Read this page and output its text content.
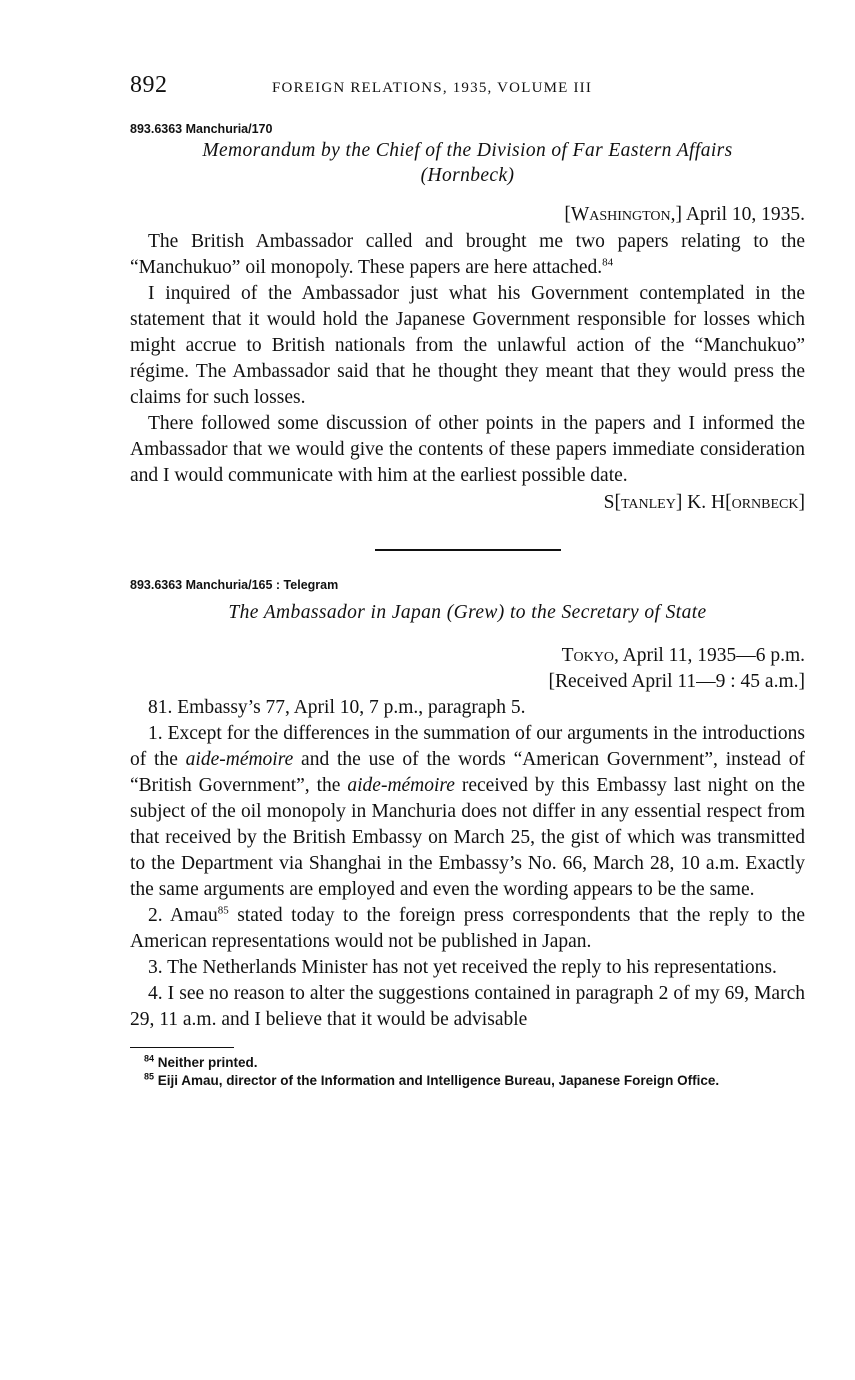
892	FOREIGN RELATIONS, 1935, VOLUME III
893.6363 Manchuria/170
Memorandum by the Chief of the Division of Far Eastern Affairs
(Hornbeck)
[Washington,] April 10, 1935.

The British Ambassador called and brought me two papers relating to the “Manchukuo” oil monopoly. These papers are here attached.$^{84}$

I inquired of the Ambassador just what his Government contemplated in the statement that it would hold the Japanese Government responsible for losses which might accrue to British nationals from the unlawful action of the “Manchukuo” régime. The Ambassador said that he thought they meant that they would press the claims for such losses.

There followed some discussion of other points in the papers and I informed the Ambassador that we would give the contents of these papers immediate consideration and I would communicate with him at the earliest possible date.

S[tanley] K. H[ornbeck]
893.6363 Manchuria/165 : Telegram
The Ambassador in Japan (Grew) to the Secretary of State
Tokyo, April 11, 1935—6 p.m.
[Received April 11—9 : 45 a.m.]

81. Embassy’s 77, April 10, 7 p.m., paragraph 5.

1. Except for the differences in the summation of our arguments in the introductions of the aide-mémoire and the use of the words “American Government”, instead of “British Government”, the aide-mémoire received by this Embassy last night on the subject of the oil monopoly in Manchuria does not differ in any essential respect from that received by the British Embassy on March 25, the gist of which was transmitted to the Department via Shanghai in the Embassy’s No. 66, March 28, 10 a.m. Exactly the same arguments are employed and even the wording appears to be the same.

2. Amau$^{85}$ stated today to the foreign press correspondents that the reply to the American representations would not be published in Japan.

3. The Netherlands Minister has not yet received the reply to his representations.

4. I see no reason to alter the suggestions contained in paragraph 2 of my 69, March 29, 11 a.m. and I believe that it would be advisable

$^{84}$ Neither printed.

$^{85}$ Eiji Amau, director of the Information and Intelligence Bureau, Japanese Foreign Office.
